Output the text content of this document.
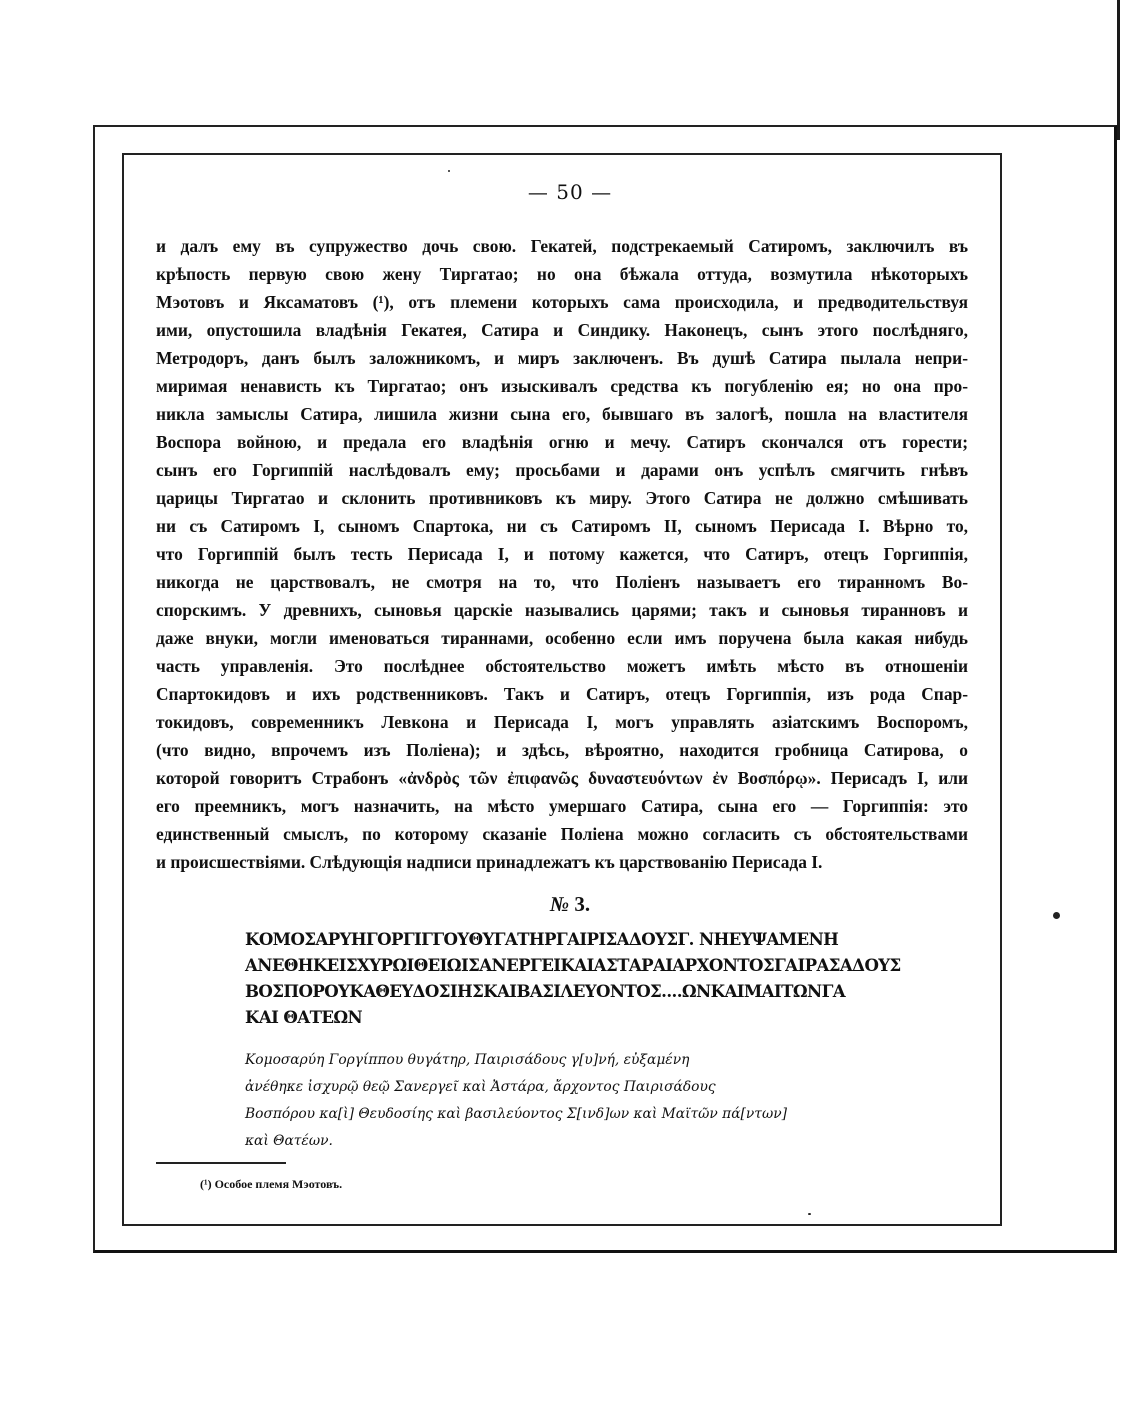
— 50 —
и далъ ему въ супружество дочь свою. Гекатей, подстрекаемый Сатиромъ, заключилъ въ
крѣпость первую свою жену Тиргатао; но она бѣжала оттуда, возмутила нѣкоторыхъ
Мэотовъ и Яксаматовъ (¹), отъ племени которыхъ сама происходила, и предводительствуя
ими, опустошила владѣнія Гекатея, Сатира и Синдику. Наконецъ, сынъ этого послѣдняго,
Метродоръ, данъ былъ заложникомъ, и миръ заключенъ. Въ душѣ Сатира пылала непри-
миримая ненависть къ Тиргатао; онъ изыскивалъ средства къ погубленію ея; но она про-
никла замыслы Сатира, лишила жизни сына его, бывшаго въ залогѣ, пошла на властителя
Воспора войною, и предала его владѣнія огню и мечу. Сатиръ скончался отъ горести;
сынъ его Горгиппій наслѣдовалъ ему; просьбами и дарами онъ успѣлъ смягчить гнѣвъ
царицы Тиргатао и склонить противниковъ къ миру. Этого Сатира не должно смѣшивать
ни съ Сатиромъ I, сыномъ Спартока, ни съ Сатиромъ II, сыномъ Перисада I. Вѣрно то,
что Горгиппій былъ тесть Перисада I, и потому кажется, что Сатиръ, отецъ Горгиппія,
никогда не царствовалъ, не смотря на то, что Поліенъ называетъ его тиранномъ Во-
спорскимъ. У древнихъ, сыновья царскіе назывались царями; такъ и сыновья тиранновъ и
даже внуки, могли именоваться тираннами, особенно если имъ поручена была какая нибудь
часть управленія. Это послѣднее обстоятельство можетъ имѣть мѣсто въ отношеніи
Спартокидовъ и ихъ родственниковъ. Такъ и Сатиръ, отецъ Горгиппія, изъ рода Спар-
токидовъ, современникъ Левкона и Перисада I, могъ управлять азіатскимъ Воспоромъ,
(что видно, впрочемъ изъ Поліена); и здѣсь, вѣроятно, находится гробница Сатирова, о
которой говоритъ Страбонъ «ἀνδρὸς τῶν ἐπιφανῶς δυναστευόντων ἐν Βοσπόρῳ». Перисадъ I, или
его преемникъ, могъ назначить, на мѣсто умершаго Сатира, сына его — Горгиппія: это
единственный смыслъ, по которому сказаніе Поліена можно согласить съ обстоятельствами
и происшествіями. Слѣдующія надписи принадлежатъ къ царствованію Перисада I.
№ 3.
ΚΟΜΟΣΑΡΥΗΓΟΡΓΙΓΓΟΥΘΥΓΑΤΗΡΓΑΙΡΙΣΑΔΟΥΣΓ. ΝΗΕΥΨΑΜΕΝΗ
ΑΝΕΘΗΚΕΙΣΧΥΡΩΙΘΕΙΩΙΣΑΝΕΡΓΕΙΚΑΙΑΣΤΑΡΑΙΑΡΧΟΝΤΟΣΓΑΙΡΑΣΑΔΟΥΣ
ΒΟΣΠΟΡΟΥΚΑΘΕΥΔΟΣΙΗΣΚΑΙΒΑΣΙΛΕΥΟΝΤΟΣ....ΩΝΚΑΙΜΑΙΤΩΝΓΑ
ΚΑΙ ΘΑΤΕΩΝ
Κομοσαρύη Γοργίππου θυγάτηρ, Παιρισάδους γ[υ]νή, εὐξαμένη
ἀνέθηκε ἰσχυρῷ θεῷ Σανεργεῖ καὶ Ἀστάρα, ἄρχοντος Παιρισάδους
Βοσπόρου κα[ὶ] Θευδοσίης καὶ βασιλεύοντος Σ[ινδ]ων καὶ Μαϊτῶν πά[ντων]
καὶ Θατέων.
(¹) Особое племя Мэотовъ.
